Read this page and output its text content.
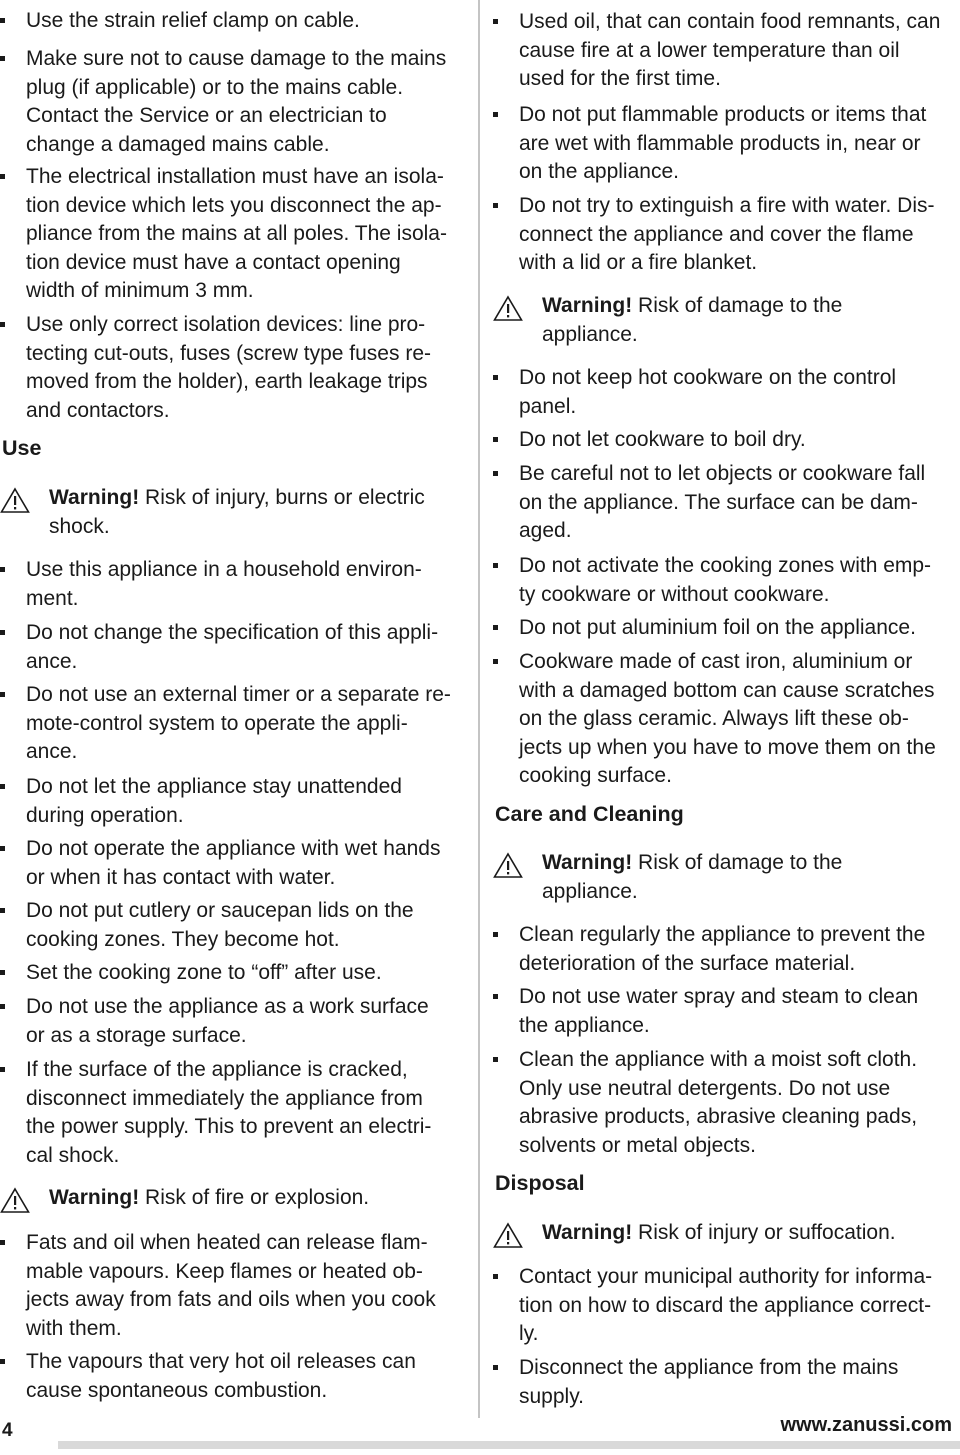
Use the strain relief clamp on cable.
Make sure not to cause damage to the mains
plug (if applicable) or to the mains cable.
Contact the Service or an electrician to
change a damaged mains cable.
The electrical installation must have an isola-
tion device which lets you disconnect the ap-
pliance from the mains at all poles. The isola-
tion device must have a contact opening
width of minimum 3 mm.
Use only correct isolation devices: line pro-
tecting cut-outs, fuses (screw type fuses re-
moved from the holder), earth leakage trips
and contactors.
Use
Warning! Risk of injury, burns or electric
shock.
Use this appliance in a household environ-
ment.
Do not change the specification of this appli-
ance.
Do not use an external timer or a separate re-
mote-control system to operate the appli-
ance.
Do not let the appliance stay unattended
during operation.
Do not operate the appliance with wet hands
or when it has contact with water.
Do not put cutlery or saucepan lids on the
cooking zones. They become hot.
Set the cooking zone to “off” after use.
Do not use the appliance as a work surface
or as a storage surface.
If the surface of the appliance is cracked,
disconnect immediately the appliance from
the power supply. This to prevent an electri-
cal shock.
Warning! Risk of fire or explosion.
Fats and oil when heated can release flam-
mable vapours. Keep flames or heated ob-
jects away from fats and oils when you cook
with them.
The vapours that very hot oil releases can
cause spontaneous combustion.
Used oil, that can contain food remnants, can
cause fire at a lower temperature than oil
used for the first time.
Do not put flammable products or items that
are wet with flammable products in, near or
on the appliance.
Do not try to extinguish a fire with water. Dis-
connect the appliance and cover the flame
with a lid or a fire blanket.
Warning! Risk of damage to the
appliance.
Do not keep hot cookware on the control
panel.
Do not let cookware to boil dry.
Be careful not to let objects or cookware fall
on the appliance. The surface can be dam-
aged.
Do not activate the cooking zones with emp-
ty cookware or without cookware.
Do not put aluminium foil on the appliance.
Cookware made of cast iron, aluminium or
with a damaged bottom can cause scratches
on the glass ceramic. Always lift these ob-
jects up when you have to move them on the
cooking surface.
Care and Cleaning
Warning! Risk of damage to the
appliance.
Clean regularly the appliance to prevent the
deterioration of the surface material.
Do not use water spray and steam to clean
the appliance.
Clean the appliance with a moist soft cloth.
Only use neutral detergents. Do not use
abrasive products, abrasive cleaning pads,
solvents or metal objects.
Disposal
Warning! Risk of injury or suffocation.
Contact your municipal authority for informa-
tion on how to discard the appliance correct-
ly.
Disconnect the appliance from the mains
supply.
4	www.zanussi.com
